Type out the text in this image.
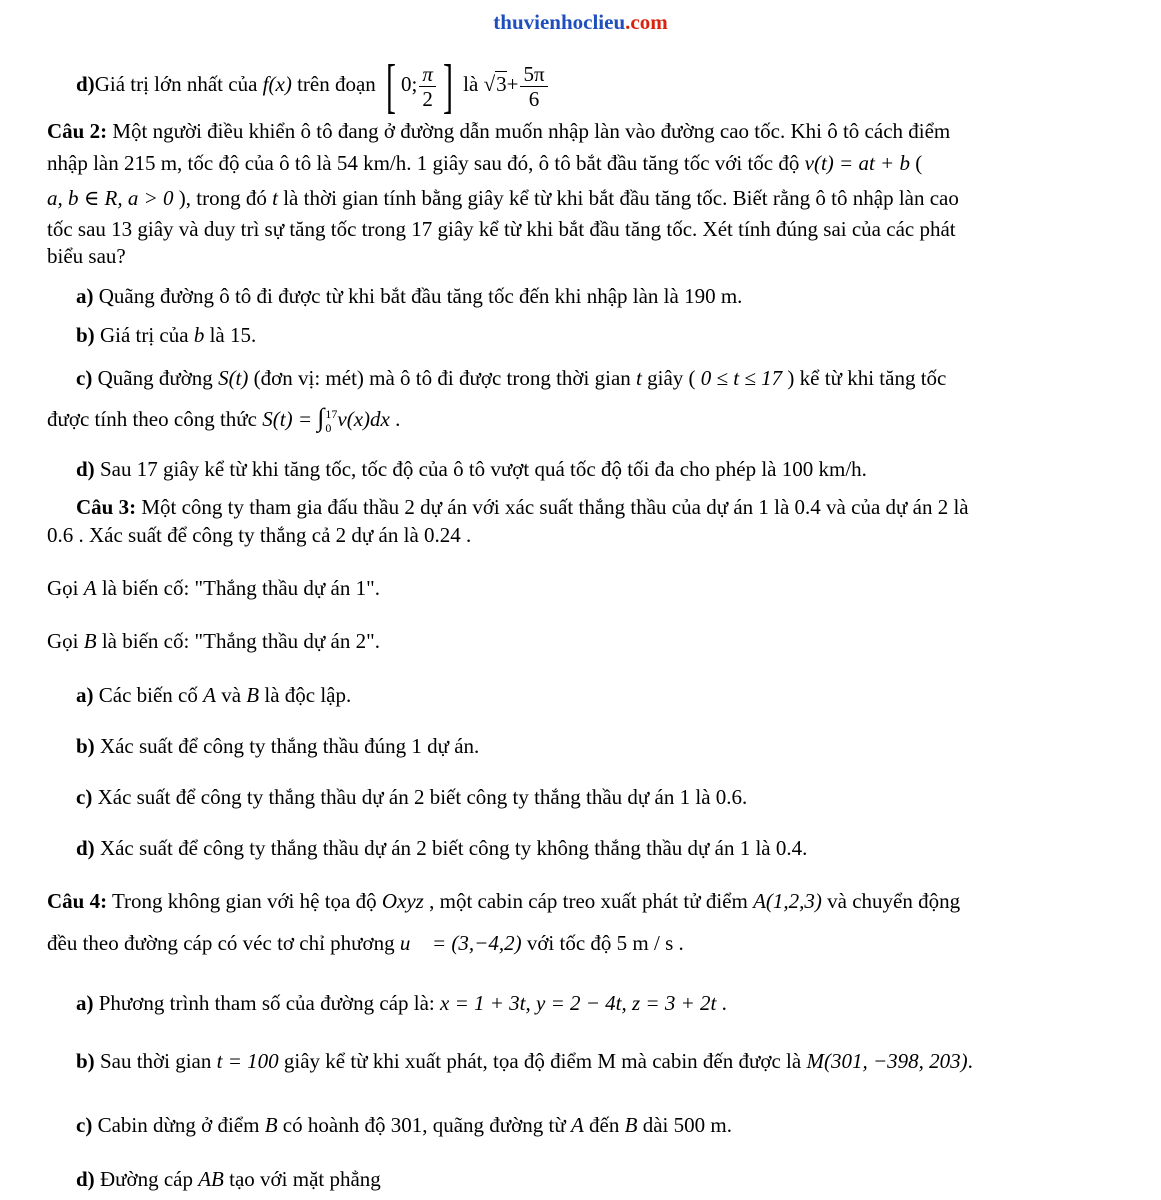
thuvienhoclieu.com
d)Giá trị lớn nhất của f(x) trên đoạn [ 0; $\frac{\pi}{2}$ ] là $√3+ \frac{5\pi}{6}$
Câu 2: Một người điều khiển ô tô đang ở đường dẫn muốn nhập làn vào đường cao tốc. Khi ô tô cách điểm
nhập làn 215 m, tốc độ của ô tô là 54 km/h. 1 giây sau đó, ô tô bắt đầu tăng tốc với tốc độ v(t) = at + b (
a, b ∈ R, a > 0 ), trong đó t là thời gian tính bằng giây kể từ khi bắt đầu tăng tốc. Biết rằng ô tô nhập làn cao
tốc sau 13 giây và duy trì sự tăng tốc trong 17 giây kể từ khi bắt đầu tăng tốc. Xét tính đúng sai của các phát
biểu sau?
a) Quãng đường ô tô đi được từ khi bắt đầu tăng tốc đến khi nhập làn là 190 m.
b) Giá trị của b là 15.
c) Quãng đường S(t) (đơn vị: mét) mà ô tô đi được trong thời gian t giây ( 0 ≤ t ≤ 17 ) kể từ khi tăng tốc
được tính theo công thức S(t) = ∫ 17
0 v(x)dx .
d) Sau 17 giây kể từ khi tăng tốc, tốc độ của ô tô vượt quá tốc độ tối đa cho phép là 100 km/h.
Câu 3: Một công ty tham gia đấu thầu 2 dự án với xác suất thắng thầu của dự án 1 là 0.4 và của dự án 2 là
0.6 . Xác suất để công ty thắng cả 2 dự án là 0.24 .
Gọi A là biến cố: "Thắng thầu dự án 1".
Gọi B là biến cố: "Thắng thầu dự án 2".
a) Các biến cố A và B là độc lập.
b) Xác suất để công ty thắng thầu đúng 1 dự án.
c) Xác suất để công ty thắng thầu dự án 2 biết công ty thắng thầu dự án 1 là 0.6.
d) Xác suất để công ty thắng thầu dự án 2 biết công ty không thắng thầu dự án 1 là 0.4.
Câu 4: Trong không gian với hệ tọa độ Oxyz , một cabin cáp treo xuất phát tử điểm A(1,2,3) và chuyển động
đều theo đường cáp có véc tơ chỉ phương u⃗ = (3,−4,2) với tốc độ 5 m / s .
a) Phương trình tham số của đường cáp là: x = 1 + 3t, y = 2 − 4t, z = 3 + 2t .
b) Sau thời gian t = 100 giây kể từ khi xuất phát, tọa độ điểm M mà cabin đến được là M(301, −398, 203).
c) Cabin dừng ở điểm B có hoành độ 301, quãng đường từ A đến B dài 500 m.
d) Đường cáp AB tạo với mặt phẳng
